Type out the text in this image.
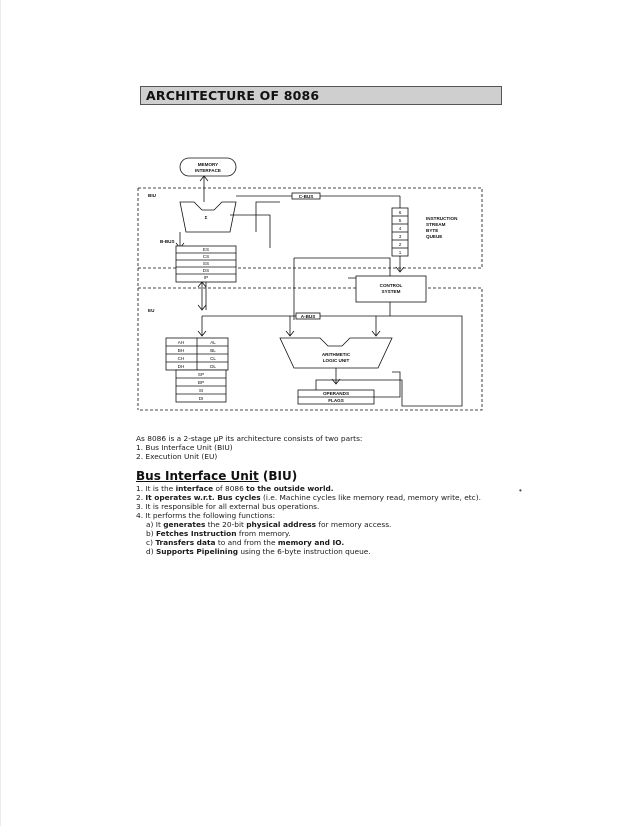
ARCHITECTURE OF 8086
MEMORY
INTERFACE
BIU
EU
C-BUS
B-BUS
A-BUS
Σ
ES
CS
SS
DS
IP
6
5
4
3
2
1
INSTRUCTION
STREAM
BYTE
QUEUE
CONTROL
SYSTEM
AH
BH
CH
DH
AL
BL
CL
DL
SP
BP
SI
DI
ARITHMETIC
LOGIC UNIT
OPERANDS
FLAGS
As 8086 is a 2-stage µP its architecture consists of two parts:
1. Bus Interface Unit (BIU)
2. Execution Unit (EU)
Bus Interface Unit (BIU)
1. It is the interface of 8086 to the outside world.
2. It operates w.r.t. Bus cycles (i.e. Machine cycles like memory read, memory write, etc).
3. It is responsible for all external bus operations.
4. It performs the following functions:
a) It generates the 20-bit physical address for memory access.
b) Fetches Instruction from memory.
c) Transfers data to and from the memory and IO.
d) Supports Pipelining using the 6-byte instruction queue.
•
